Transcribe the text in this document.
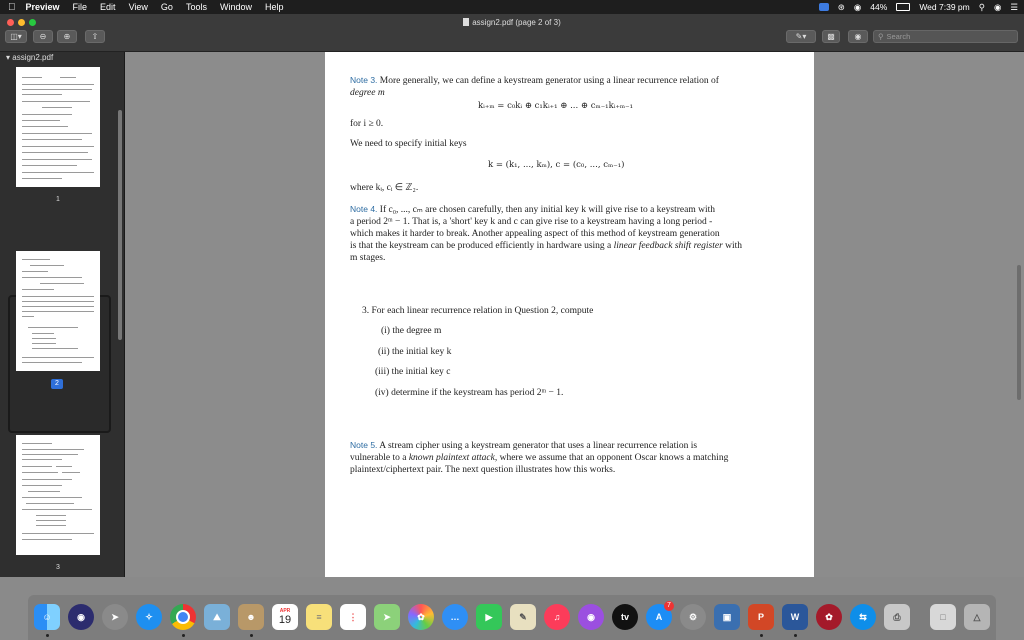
Preview File Edit View Go Tools Window Help	⊛ ◉ 44%	Wed 7:39 pm ⚲ ◉ ☰
assign2.pdf (page 2 of 3)
◫▾ ⊖ ⊕	⇧	✎▾	▩ ◉ ⚲ Search
▾ assign2.pdf
1
2
3
Note 3. More generally, we can define a keystream generator using a linear recurrence relation of
degree m
kᵢ₊ₘ = c₀kᵢ ⊕ c₁kᵢ₊₁ ⊕ ... ⊕ cₘ₋₁kᵢ₊ₘ₋₁
for i ≥ 0.
We need to specify initial keys
k = (k₁, ..., kₘ), c = (c₀, ..., cₘ₋₁)
where kᵢ, cᵢ ∈ ℤ₂.
Note 4. If c₀, ..., cₘ are chosen carefully, then any initial key k will give rise to a keystream with
a period 2ᵐ − 1. That is, a 'short' key k and c can give rise to a keystream having a long period -
which makes it harder to break. Another appealing aspect of this method of keystream generation
is that the keystream can be produced efficiently in hardware using a linear feedback shift register with
m stages.
3. For each linear recurrence relation in Question 2, compute
(i) the degree m
(ii) the initial key k
(iii) the initial key c
(iv) determine if the keystream has period 2ᵐ − 1.
Note 5. A stream cipher using a keystream generator that uses a linear recurrence relation is
vulnerable to a known plaintext attack, where we assume that an opponent Oscar knows a matching
plaintext/ciphertext pair. The next question illustrates how this works.
☺	◉	➤	✧	⛰	☻
APR
19	≡	⋮	➤	✿	…	▶	✎	♫	◉	tv	A
7
⚙	▣	P	W	✿	⇆	⎙	□	△
